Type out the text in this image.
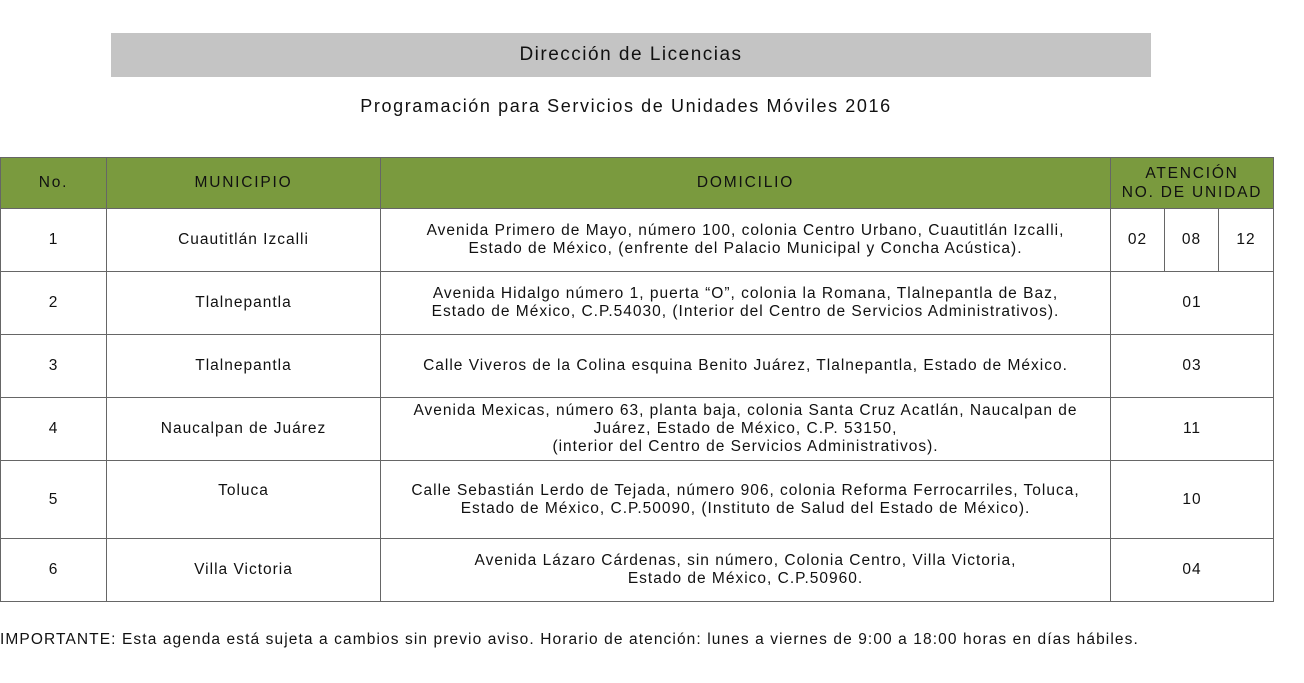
Dirección de Licencias
Programación para Servicios de Unidades Móviles 2016
No.	MUNICIPIO	DOMICILIO	ATENCIÓN
NO. DE UNIDAD		

1	Cuautitlán Izcalli	Avenida Primero de Mayo, número 100, colonia Centro Urbano, Cuautitlán Izcalli,
Estado de México, (enfrente del Palacio Municipal y Concha Acústica).	02	08	12
2	Tlalnepantla	Avenida Hidalgo número 1, puerta “O”, colonia la Romana, Tlalnepantla de Baz,
Estado de México, C.P.54030, (Interior del Centro de Servicios Administrativos).	01		
3	Tlalnepantla	Calle Viveros de la Colina esquina Benito Juárez, Tlalnepantla, Estado de México.	03		
4	Naucalpan de Juárez	Avenida Mexicas, número 63, planta baja, colonia Santa Cruz Acatlán, Naucalpan de
Juárez, Estado de México, C.P. 53150,
(interior del Centro de Servicios Administrativos).	11		
5	Toluca	Calle Sebastián Lerdo de Tejada, número 906, colonia Reforma Ferrocarriles, Toluca,
Estado de México, C.P.50090, (Instituto de Salud del Estado de México).	10		
6	Villa Victoria	Avenida Lázaro Cárdenas, sin número, Colonia Centro, Villa Victoria,
Estado de México, C.P.50960.	04		
IMPORTANTE: Esta agenda está sujeta a cambios sin previo aviso. Horario de atención: lunes a viernes de 9:00 a 18:00 horas en días hábiles.
